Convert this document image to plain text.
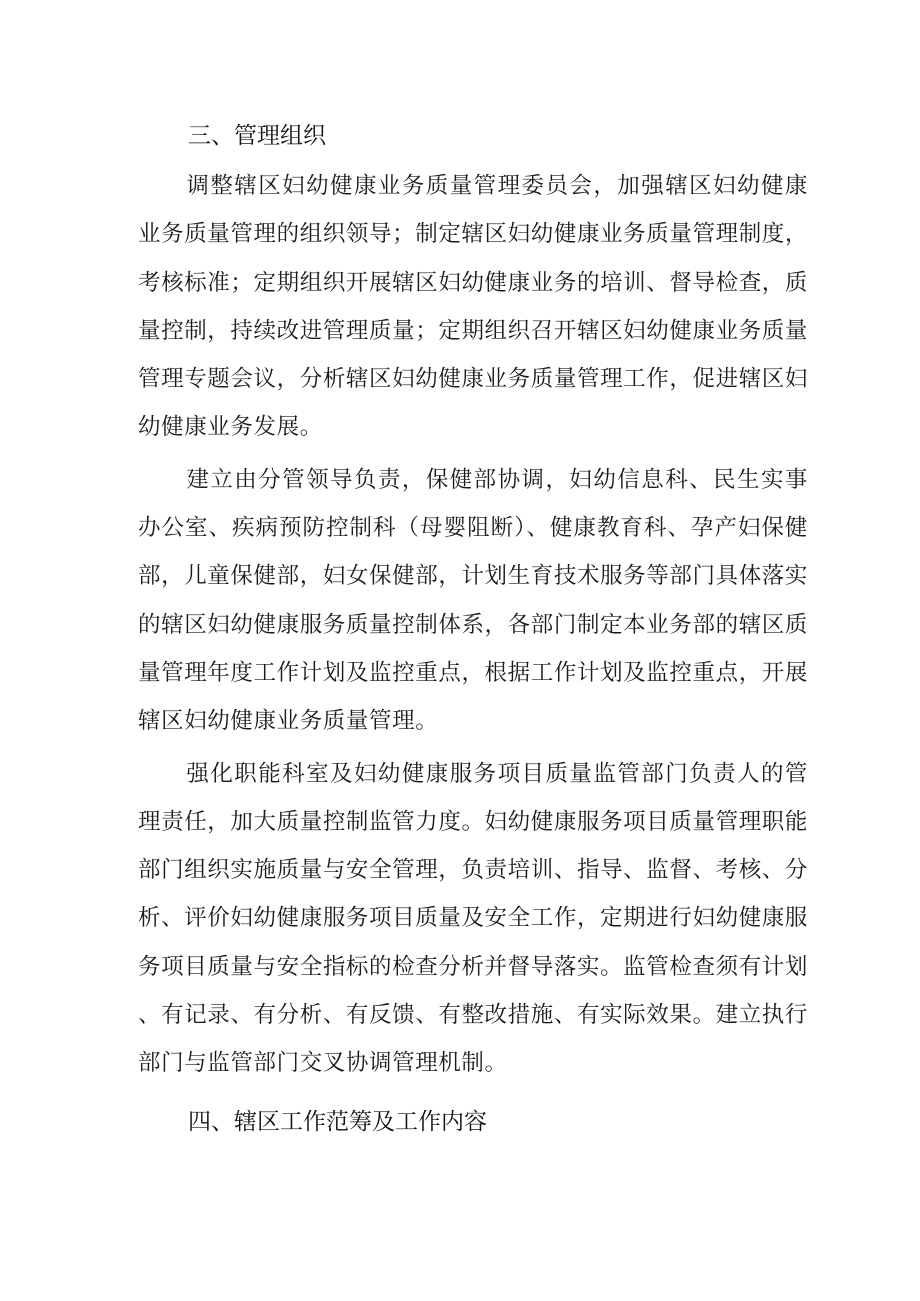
三、管理组织

调整辖区妇幼健康业务质量管理委员会，加强辖区妇幼健康业务质量管理的组织领导；制定辖区妇幼健康业务质量管理制度，考核标准；定期组织开展辖区妇幼健康业务的培训、督导检查，质量控制，持续改进管理质量；定期组织召开辖区妇幼健康业务质量管理专题会议，分析辖区妇幼健康业务质量管理工作，促进辖区妇幼健康业务发展。

建立由分管领导负责，保健部协调，妇幼信息科、民生实事办公室、疾病预防控制科（母婴阻断）、健康教育科、孕产妇保健部，儿童保健部，妇女保健部，计划生育技术服务等部门具体落实的辖区妇幼健康服务质量控制体系，各部门制定本业务部的辖区质量管理年度工作计划及监控重点，根据工作计划及监控重点，开展辖区妇幼健康业务质量管理。

强化职能科室及妇幼健康服务项目质量监管部门负责人的管理责任，加大质量控制监管力度。妇幼健康服务项目质量管理职能部门组织实施质量与安全管理，负责培训、指导、监督、考核、分析、评价妇幼健康服务项目质量及安全工作，定期进行妇幼健康服务项目质量与安全指标的检查分析并督导落实。监管检查须有计划、有记录、有分析、有反馈、有整改措施、有实际效果。建立执行部门与监管部门交叉协调管理机制。

四、辖区工作范筹及工作内容
